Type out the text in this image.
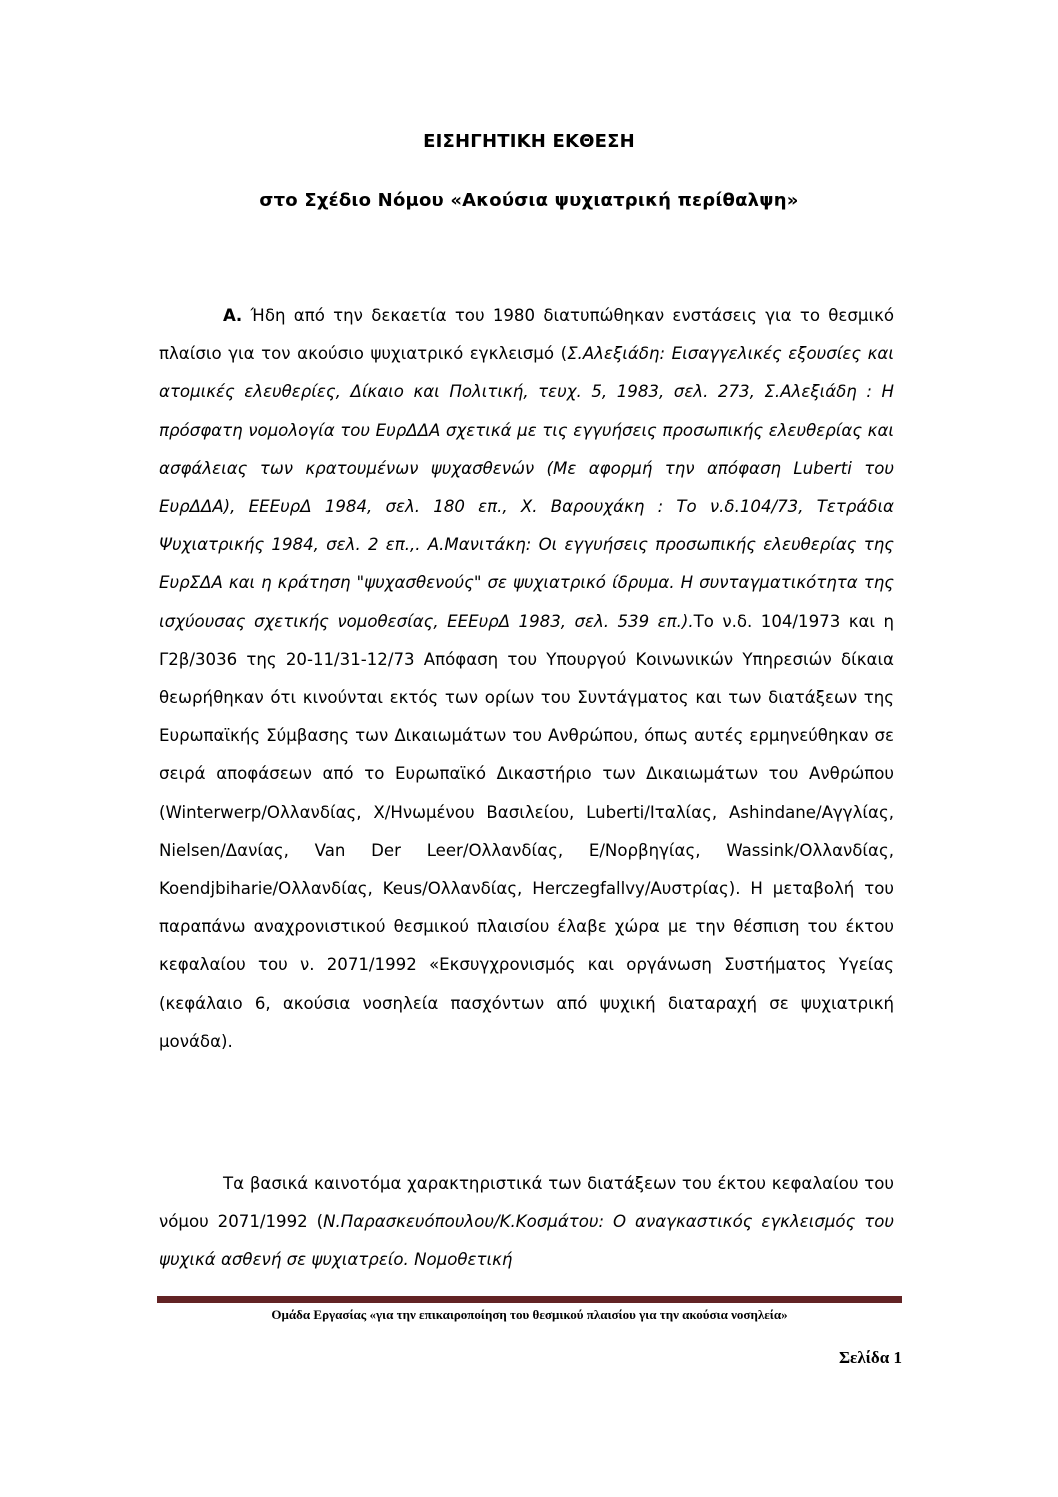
ΕΙΣΗΓΗΤΙΚΗ ΕΚΘΕΣΗ
στο Σχέδιο Νόμου «Ακούσια ψυχιατρική περίθαλψη»

Α. Ήδη από την δεκαετία του 1980 διατυπώθηκαν ενστάσεις για το θεσμικό πλαίσιο για τον ακούσιο ψυχιατρικό εγκλεισμό (Σ.Αλεξιάδη: Εισαγγελικές εξουσίες και ατομικές ελευθερίες, Δίκαιο και Πολιτική, τευχ. 5, 1983, σελ. 273, Σ.Αλεξιάδη : Η πρόσφατη νομολογία του ΕυρΔΔΑ σχετικά με τις εγγυήσεις προσωπικής ελευθερίας και ασφάλειας των κρατουμένων ψυχασθενών (Με αφορμή την απόφαση Luberti του ΕυρΔΔΑ), ΕΕΕυρΔ 1984, σελ. 180 επ., Χ. Βαρουχάκη : Το ν.δ.104/73, Τετράδια Ψυχιατρικής 1984, σελ. 2 επ.,. Α.Μανιτάκη: Οι εγγυήσεις προσωπικής ελευθερίας της ΕυρΣΔΑ και η κράτηση "ψυχασθενούς" σε ψυχιατρικό ίδρυμα. Η συνταγματικότητα της ισχύουσας σχετικής νομοθεσίας, ΕΕΕυρΔ 1983, σελ. 539 επ.).Το ν.δ. 104/1973 και η Γ2β/3036 της 20-11/31-12/73 Απόφαση του Υπουργού Κοινωνικών Υπηρεσιών δίκαια θεωρήθηκαν ότι κινούνται εκτός των ορίων του Συντάγματος και των διατάξεων της Ευρωπαϊκής Σύμβασης των Δικαιωμάτων του Ανθρώπου, όπως αυτές ερμηνεύθηκαν σε σειρά αποφάσεων από το Ευρωπαϊκό Δικαστήριο των Δικαιωμάτων του Ανθρώπου (Winterwerp/Ολλανδίας, Χ/Ηνωμένου Βασιλείου, Luberti/Ιταλίας, Ashindane/Αγγλίας, Nielsen/Δανίας, Van Der Leer/Ολλανδίας, E/Νορβηγίας, Wassink/Ολλανδίας, Koendjbiharie/Ολλανδίας, Keus/Ολλανδίας, Herczegfallvy/Αυστρίας). Η μεταβολή του παραπάνω αναχρονιστικού θεσμικού πλαισίου έλαβε χώρα με την θέσπιση του έκτου κεφαλαίου του ν. 2071/1992 «Εκσυγχρονισμός και οργάνωση Συστήματος Υγείας (κεφάλαιο 6, ακούσια νοσηλεία πασχόντων από ψυχική διαταραχή σε ψυχιατρική μονάδα).

Τα βασικά καινοτόμα χαρακτηριστικά των διατάξεων του έκτου κεφαλαίου του νόμου 2071/1992 (Ν.Παρασκευόπουλου/Κ.Κοσμάτου: Ο αναγκαστικός εγκλεισμός του ψυχικά ασθενή σε ψυχιατρείο. Νομοθετική

Ομάδα Εργασίας «για την επικαιροποίηση του θεσμικού πλαισίου για την ακούσια νοσηλεία»
Σελίδα 1
